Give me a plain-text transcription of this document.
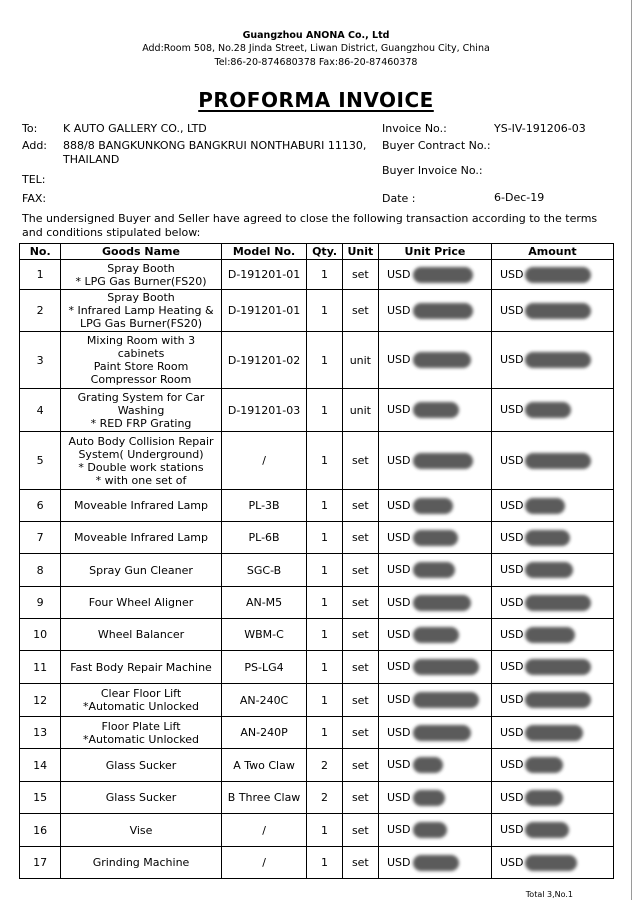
Guangzhou ANONA Co., Ltd
Add:Room 508, No.28 Jinda Street, Liwan District, Guangzhou City, China
Tel:86-20-874680378 Fax:86-20-87460378
PROFORMA INVOICE
To: K AUTO GALLERY CO., LTD
Add: 888/8 BANGKUNKONG BANGKRUI NONTHABURI 11130,
THAILAND
TEL:
FAX:
Invoice No.:	YS-IV-191206-03
Buyer Contract No.:
Buyer Invoice No.:
Date :	6-Dec-19
The undersigned Buyer and Seller have agreed to close the following transaction according to the terms and conditions stipulated below:
No.	Goods Name	Model No.	Qty.	Unit	Unit Price	Amount
1	Spray Booth
* LPG Gas Burner(FS20)	D-191201-01	1	set	USD	USD
2	Spray Booth
* Infrared Lamp Heating &
LPG Gas Burner(FS20)	D-191201-01	1	set	USD	USD
3	Mixing Room with 3
cabinets
Paint Store Room
Compressor Room	D-191201-02	1	unit	USD	USD
4	Grating System for Car
Washing
* RED FRP Grating	D-191201-03	1	unit	USD	USD
5	Auto Body Collision Repair
System( Underground)
* Double work stations
* with one set of	/	1	set	USD	USD
6	Moveable Infrared Lamp	PL-3B	1	set	USD	USD
7	Moveable Infrared Lamp	PL-6B	1	set	USD	USD
8	Spray Gun Cleaner	SGC-B	1	set	USD	USD
9	Four Wheel Aligner	AN-M5	1	set	USD	USD
10	Wheel Balancer	WBM-C	1	set	USD	USD
11	Fast Body Repair Machine	PS-LG4	1	set	USD	USD
12	Clear Floor Lift
*Automatic Unlocked	AN-240C	1	set	USD	USD
13	Floor Plate Lift
*Automatic Unlocked	AN-240P	1	set	USD	USD
14	Glass Sucker	A Two Claw	2	set	USD	USD
15	Glass Sucker	B Three Claw	2	set	USD	USD
16	Vise	/	1	set	USD	USD
17	Grinding Machine	/	1	set	USD	USD
Total 3,No.1
